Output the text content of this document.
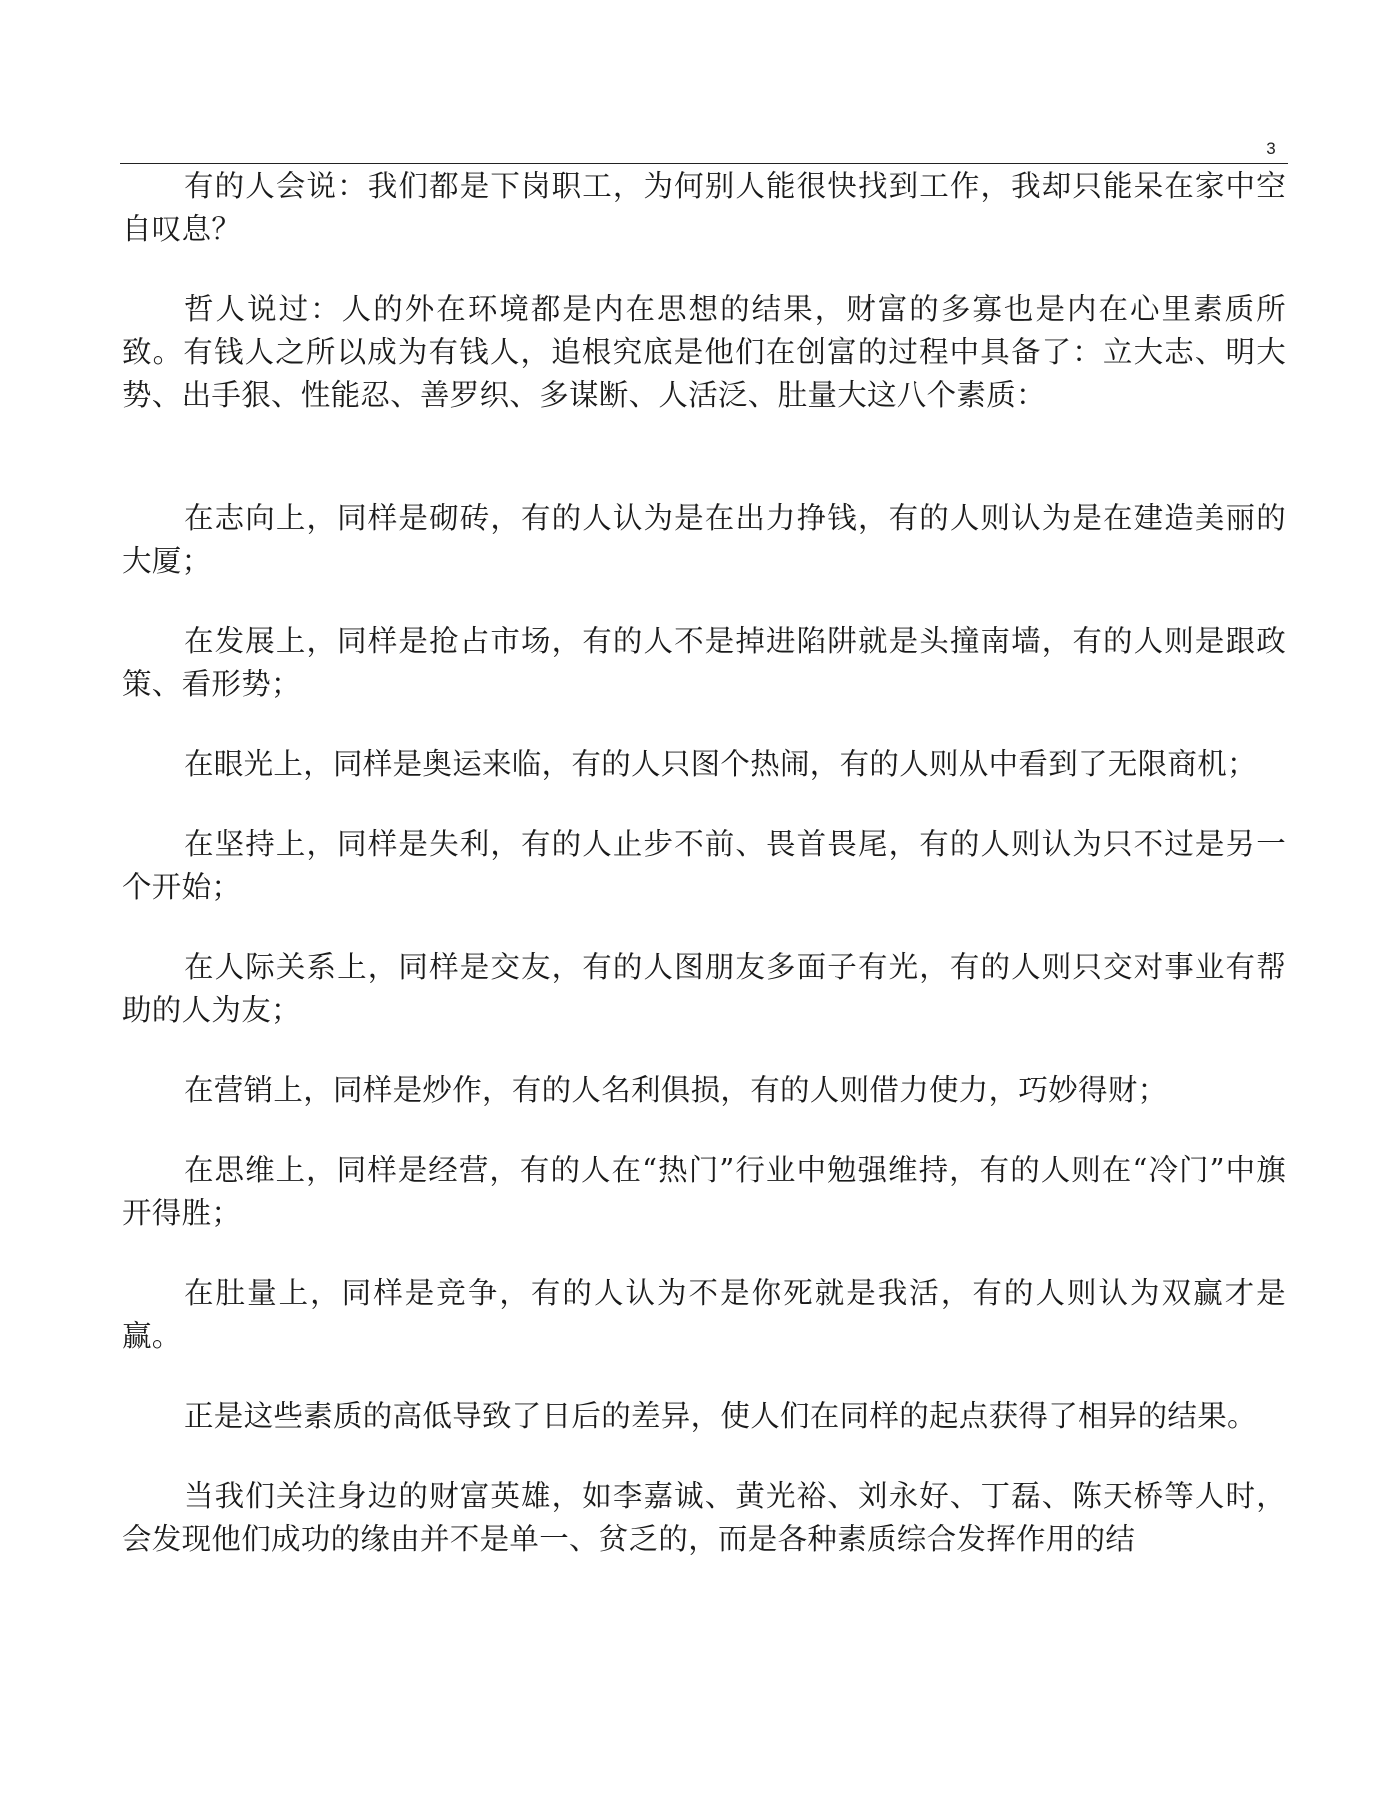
3

有的人会说：我们都是下岗职工，为何别人能很快找到工作，我却只能呆在家中空自叹息？

哲人说过：人的外在环境都是内在思想的结果，财富的多寡也是内在心里素质所致。有钱人之所以成为有钱人，追根究底是他们在创富的过程中具备了：立大志、明大势、出手狠、性能忍、善罗织、多谋断、人活泛、肚量大这八个素质：

在志向上，同样是砌砖，有的人认为是在出力挣钱，有的人则认为是在建造美丽的大厦；

在发展上，同样是抢占市场，有的人不是掉进陷阱就是头撞南墙，有的人则是跟政策、看形势；

在眼光上，同样是奥运来临，有的人只图个热闹，有的人则从中看到了无限商机；

在坚持上，同样是失利，有的人止步不前、畏首畏尾，有的人则认为只不过是另一个开始；

在人际关系上，同样是交友，有的人图朋友多面子有光，有的人则只交对事业有帮助的人为友；

在营销上，同样是炒作，有的人名利俱损，有的人则借力使力，巧妙得财；

在思维上，同样是经营，有的人在“热门”行业中勉强维持，有的人则在“冷门”中旗开得胜；

在肚量上，同样是竞争，有的人认为不是你死就是我活，有的人则认为双赢才是赢。

正是这些素质的高低导致了日后的差异，使人们在同样的起点获得了相异的结果。

当我们关注身边的财富英雄，如李嘉诚、黄光裕、刘永好、丁磊、陈天桥等人时，会发现他们成功的缘由并不是单一、贫乏的，而是各种素质综合发挥作用的结
